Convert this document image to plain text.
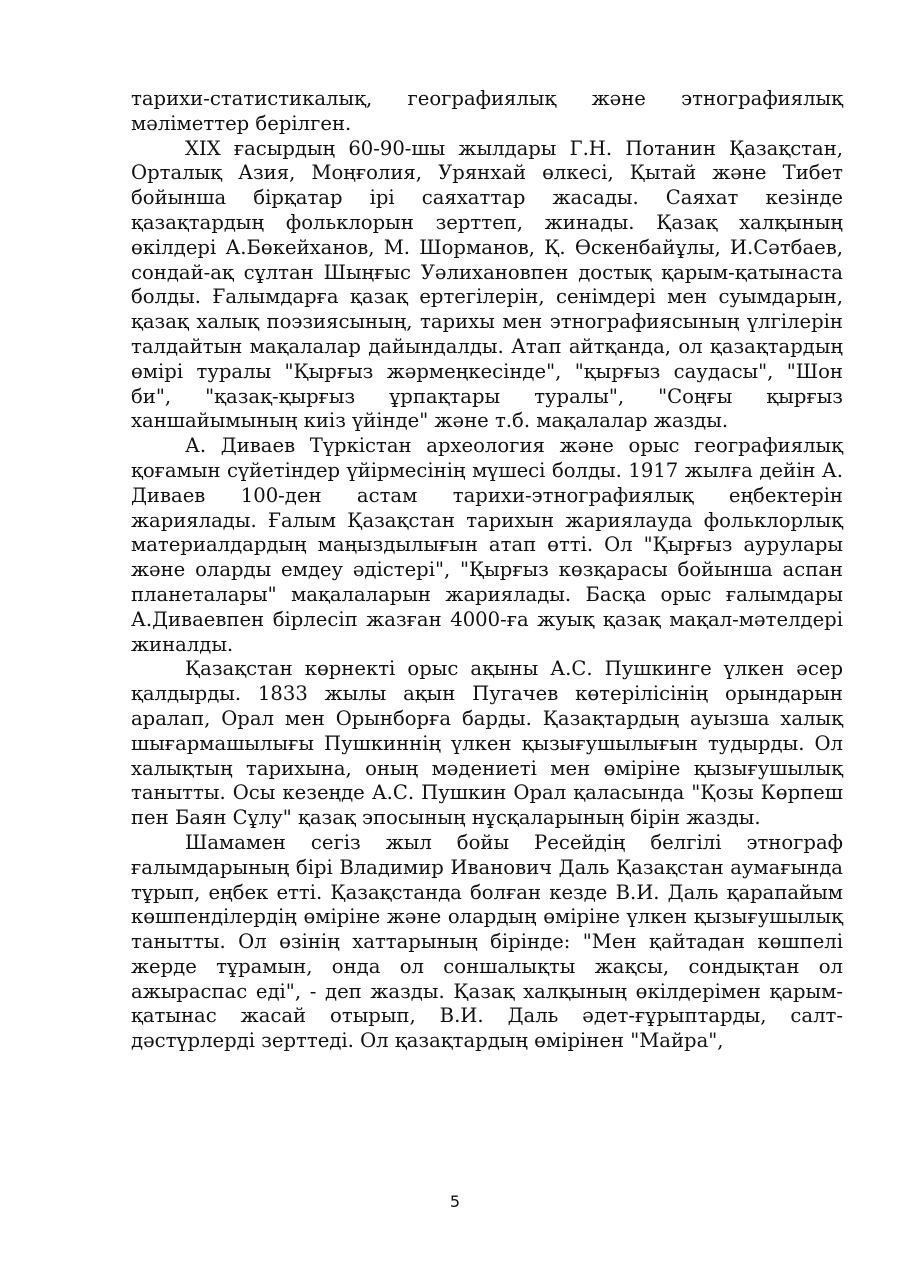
тарихи-статистикалық, географиялық және этнографиялық мәліметтер берілген.

XIX ғасырдың 60-90-шы жылдары Г.Н. Потанин Қазақстан, Орталық Азия, Моңғолия, Урянхай өлкесі, Қытай және Тибет бойынша бірқатар ірі саяхаттар жасады. Саяхат кезінде қазақтардың фольклорын зерттеп, жинады. Қазақ халқының өкілдері А.Бөкейханов, М. Шорманов, Қ. Өскенбайұлы, И.Сәтбаев, сондай-ақ сұлтан Шыңғыс Уәлихановпен достық қарым-қатынаста болды. Ғалымдарға қазақ ертегілерін, сенімдері мен суымдарын, қазақ халық поэзиясының, тарихы мен этнографиясының үлгілерін талдайтын мақалалар дайындалды. Атап айтқанда, ол қазақтардың өмірі туралы "Қырғыз жәрмеңкесінде", "қырғыз саудасы", "Шон би", "қазақ-қырғыз ұрпақтары туралы", "Соңғы қырғыз ханшайымының киіз үйінде" және т.б. мақалалар жазды.

А. Диваев Түркістан археология және орыс географиялық қоғамын сүйетіндер үйірмесінің мүшесі болды. 1917 жылға дейін А. Диваев 100-ден астам тарихи-этнографиялық еңбектерін жариялады. Ғалым Қазақстан тарихын жариялауда фольклорлық материалдардың маңыздылығын атап өтті. Ол "Қырғыз аурулары және оларды емдеу әдістері", "Қырғыз көзқарасы бойынша аспан планеталары" мақалаларын жариялады. Басқа орыс ғалымдары А.Диваевпен бірлесіп жазған 4000-ға жуық қазақ мақал-мәтелдері жиналды.

Қазақстан көрнекті орыс ақыны А.С. Пушкинге үлкен әсер қалдырды. 1833 жылы ақын Пугачев көтерілісінің орындарын аралап, Орал мен Орынборға барды. Қазақтардың ауызша халық шығармашылығы Пушкиннің үлкен қызығушылығын тудырды. Ол халықтың тарихына, оның мәдениеті мен өміріне қызығушылық танытты. Осы кезеңде А.С. Пушкин Орал қаласында "Қозы Көрпеш пен Баян Сұлу" қазақ эпосының нұсқаларының бірін жазды.

Шамамен сегіз жыл бойы Ресейдің белгілі этнограф ғалымдарының бірі Владимир Иванович Даль Қазақстан аумағында тұрып, еңбек етті. Қазақстанда болған кезде В.И. Даль қарапайым көшпенділердің өміріне және олардың өміріне үлкен қызығушылық танытты. Ол өзінің хаттарының бірінде: "Мен қайтадан көшпелі жерде тұрамын, онда ол соншалықты жақсы, сондықтан ол ажыраспас еді", - деп жазды. Қазақ халқының өкілдерімен қарым-қатынас жасай отырып, В.И. Даль әдет-ғұрыптарды, салт-дәстүрлерді зерттеді. Ол қазақтардың өмірінен "Майра",

5
